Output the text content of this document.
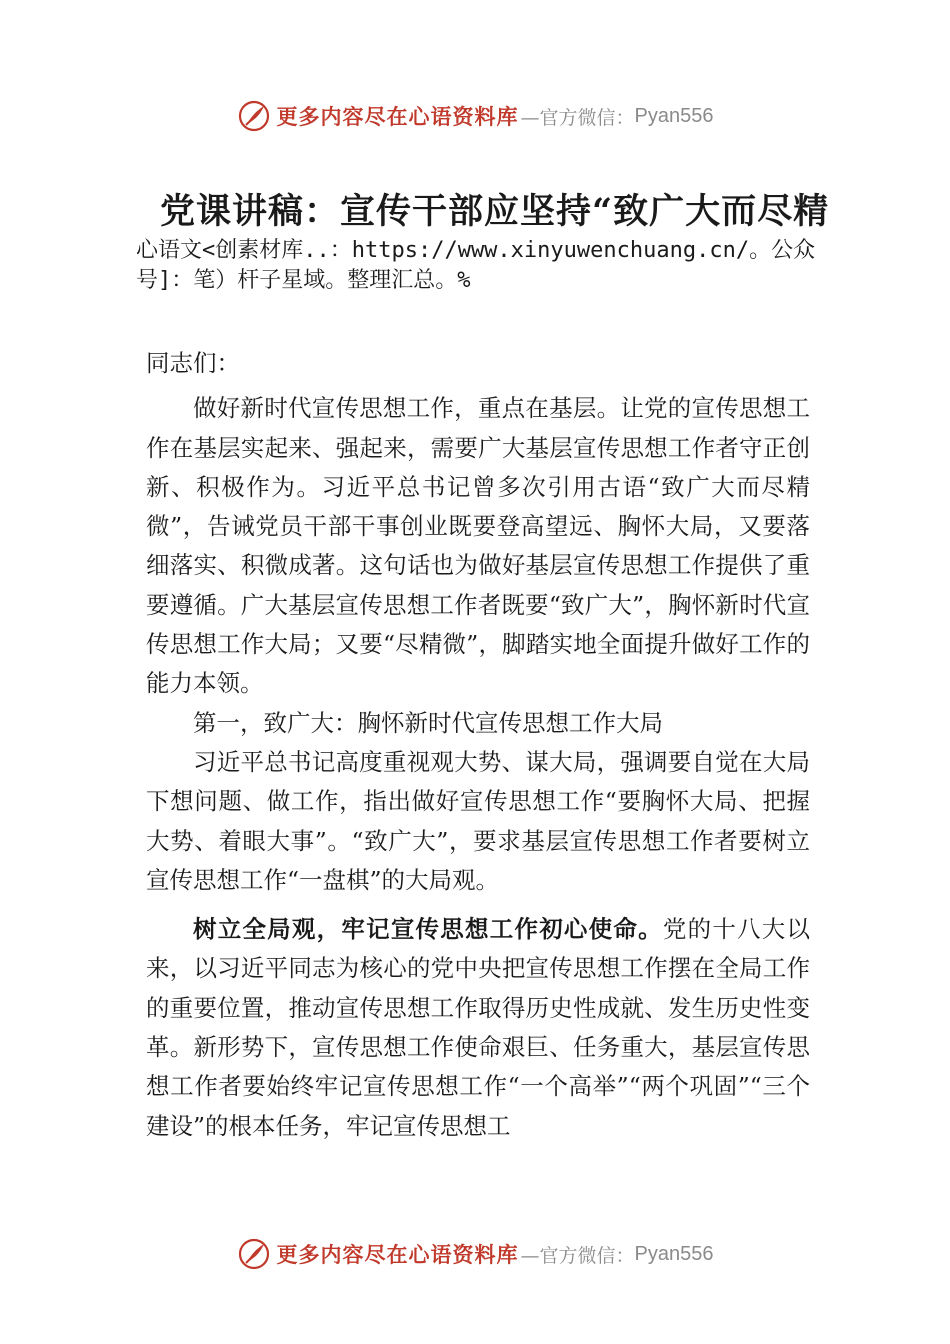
更多内容尽在心语资料库 —官方微信： Pyan556
党课讲稿：宣传干部应坚持“致广大而尽精
心语文<创素材库..：https://www.xinyuwenchuang.cn/。公众号]：笔）杆子星域。整理汇总。%

同志们：

做好新时代宣传思想工作，重点在基层。让党的宣传思想工作在基层实起来、强起来，需要广大基层宣传思想工作者守正创新、积极作为。习近平总书记曾多次引用古语“致广大而尽精微”，告诫党员干部干事创业既要登高望远、胸怀大局，又要落细落实、积微成著。这句话也为做好基层宣传思想工作提供了重要遵循。广大基层宣传思想工作者既要“致广大”，胸怀新时代宣传思想工作大局；又要“尽精微”，脚踏实地全面提升做好工作的能力本领。

第一，致广大：胸怀新时代宣传思想工作大局

习近平总书记高度重视观大势、谋大局，强调要自觉在大局下想问题、做工作，指出做好宣传思想工作“要胸怀大局、把握大势、着眼大事”。“致广大”，要求基层宣传思想工作者要树立宣传思想工作“一盘棋”的大局观。

树立全局观，牢记宣传思想工作初心使命。党的十八大以来，以习近平同志为核心的党中央把宣传思想工作摆在全局工作的重要位置，推动宣传思想工作取得历史性成就、发生历史性变革。新形势下，宣传思想工作使命艰巨、任务重大，基层宣传思想工作者要始终牢记宣传思想工作“一个高举”“两个巩固”“三个建设”的根本任务，牢记宣传思想工

更多内容尽在心语资料库 —官方微信： Pyan556
